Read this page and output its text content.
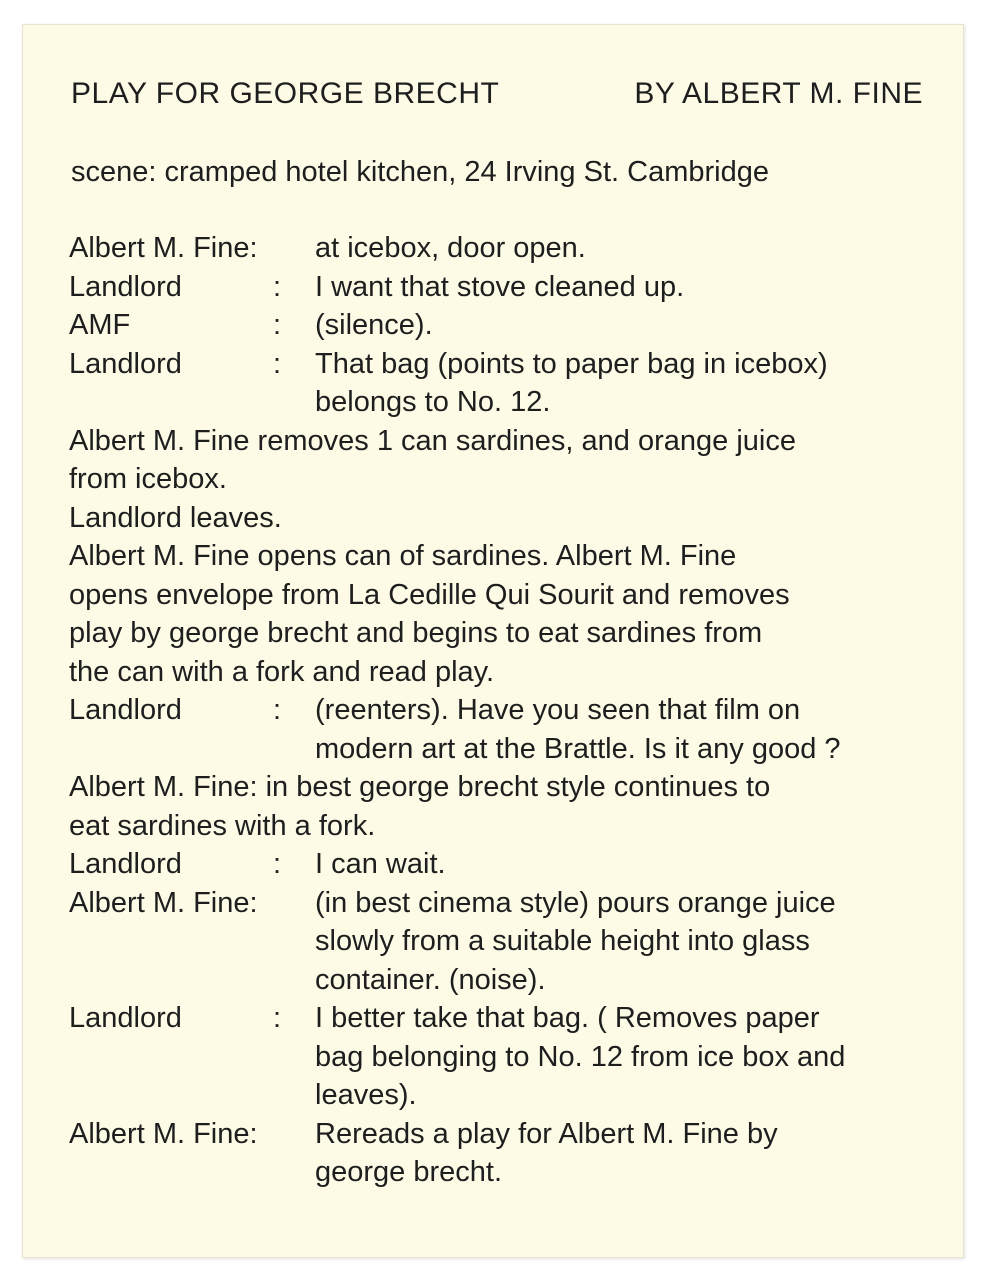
PLAY FOR GEORGE BRECHT	BY ALBERT M. FINE
scene: cramped hotel kitchen, 24 Irving St. Cambridge
Albert M. Fine:	at icebox, door open.
Landlord	:	I want that stove cleaned up.
AMF	:	(silence).
Landlord	:	That bag (points to paper bag in icebox)
belongs to No. 12.
Albert M. Fine removes 1 can sardines, and orange juice
from icebox.
Landlord leaves.
Albert M. Fine opens can of sardines. Albert M. Fine
opens envelope from La Cedille Qui Sourit and removes
play by george brecht and begins to eat sardines from
the can with a fork and read play.
Landlord	:	(reenters). Have you seen that film on
modern art at the Brattle. Is it any good ?
Albert M. Fine: in best george brecht style continues to
eat sardines with a fork.
Landlord	:	I can wait.
Albert M. Fine:	(in best cinema style) pours orange juice
slowly from a suitable height into glass
container. (noise).
Landlord	:	I better take that bag. ( Removes paper
bag belonging to No. 12 from ice box and
leaves).
Albert M. Fine:	Rereads a play for Albert M. Fine by
george brecht.
